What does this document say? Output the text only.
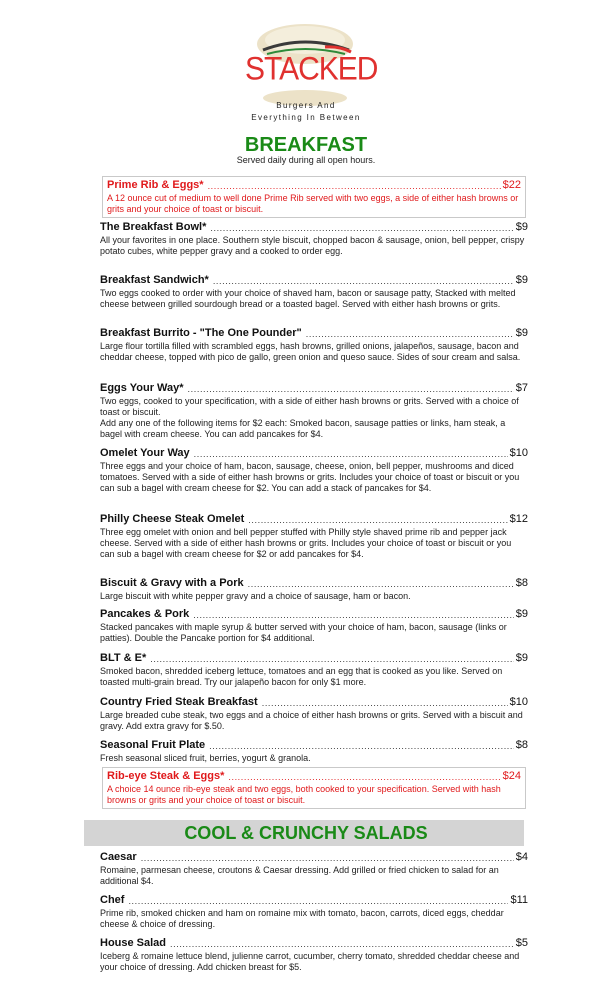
STACKED
Burgers And
Everything In Between
BREAKFAST
Served daily during all open hours.
Prime Rib & Eggs* .....	$22
A 12 ounce cut of medium to well done Prime Rib served with two eggs, a side of either hash browns or grits and your choice of toast or biscuit.
The Breakfast Bowl* .....	$9
All your favorites in one place. Southern style biscuit, chopped bacon & sausage, onion, bell pepper, crispy potato cubes, white pepper gravy and a cooked to order egg.
Breakfast Sandwich* .....	$9
Two eggs cooked to order with your choice of shaved ham, bacon or sausage patty, Stacked with melted cheese between grilled sourdough bread or a toasted bagel. Served with either hash browns or grits.
Breakfast Burrito - "The One Pounder" .....	$9
Large flour tortilla filled with scrambled eggs, hash browns, grilled onions, jalapeños, sausage, bacon and cheddar cheese, topped with pico de gallo, green onion and queso sauce. Sides of sour cream and salsa.
Eggs Your Way* .....	$7
Two eggs, cooked to your specification, with a side of either hash browns or grits. Served with a choice of toast or biscuit.
Add any one of the following items for $2 each: Smoked bacon, sausage patties or links, ham steak, a bagel with cream cheese. You can add pancakes for $4.
Omelet Your Way .....	$10
Three eggs and your choice of ham, bacon, sausage, cheese, onion, bell pepper, mushrooms and diced tomatoes. Served with a side of either hash browns or grits. Includes your choice of toast or biscuit or you can sub a bagel with cream cheese for $2. You can add a stack of pancakes for $4.
Philly Cheese Steak Omelet .....	$12
Three egg omelet with onion and bell pepper stuffed with Philly style shaved prime rib and pepper jack cheese. Served with a side of either hash browns or grits. Includes your choice of toast or biscuit or you can sub a bagel with cream cheese for $2 or add pancakes for $4.
Biscuit & Gravy with a Pork .....	$8
Large biscuit with white pepper gravy and a choice of sausage, ham or bacon.
Pancakes & Pork .....	$9
Stacked pancakes with maple syrup & butter served with your choice of ham, bacon, sausage (links or patties). Double the Pancake portion for $4 additional.
BLT & E* .....	$9
Smoked bacon, shredded iceberg lettuce, tomatoes and an egg that is cooked as you like. Served on toasted multi-grain bread. Try our jalapeño bacon for only $1 more.
Country Fried Steak Breakfast .....	$10
Large breaded cube steak, two eggs and a choice of either hash browns or grits. Served with a biscuit and gravy. Add extra gravy for $.50.
Seasonal Fruit Plate .....	$8
Fresh seasonal sliced fruit, berries, yogurt & granola.
Rib-eye Steak & Eggs* .....	$24
A choice 14 ounce rib-eye steak and two eggs, both cooked to your specification. Served with hash browns or grits and your choice of toast or biscuit.
COOL & CRUNCHY SALADS
Caesar .....	$4
Romaine, parmesan cheese, croutons & Caesar dressing. Add grilled or fried chicken to salad for an additional $4.
Chef .....	$11
Prime rib, smoked chicken and ham on romaine mix with tomato, bacon, carrots, diced eggs, cheddar cheese & choice of dressing.
House Salad .....	$5
Iceberg & romaine lettuce blend, julienne carrot, cucumber, cherry tomato, shredded cheddar cheese and your choice of dressing. Add chicken breast for $5.
